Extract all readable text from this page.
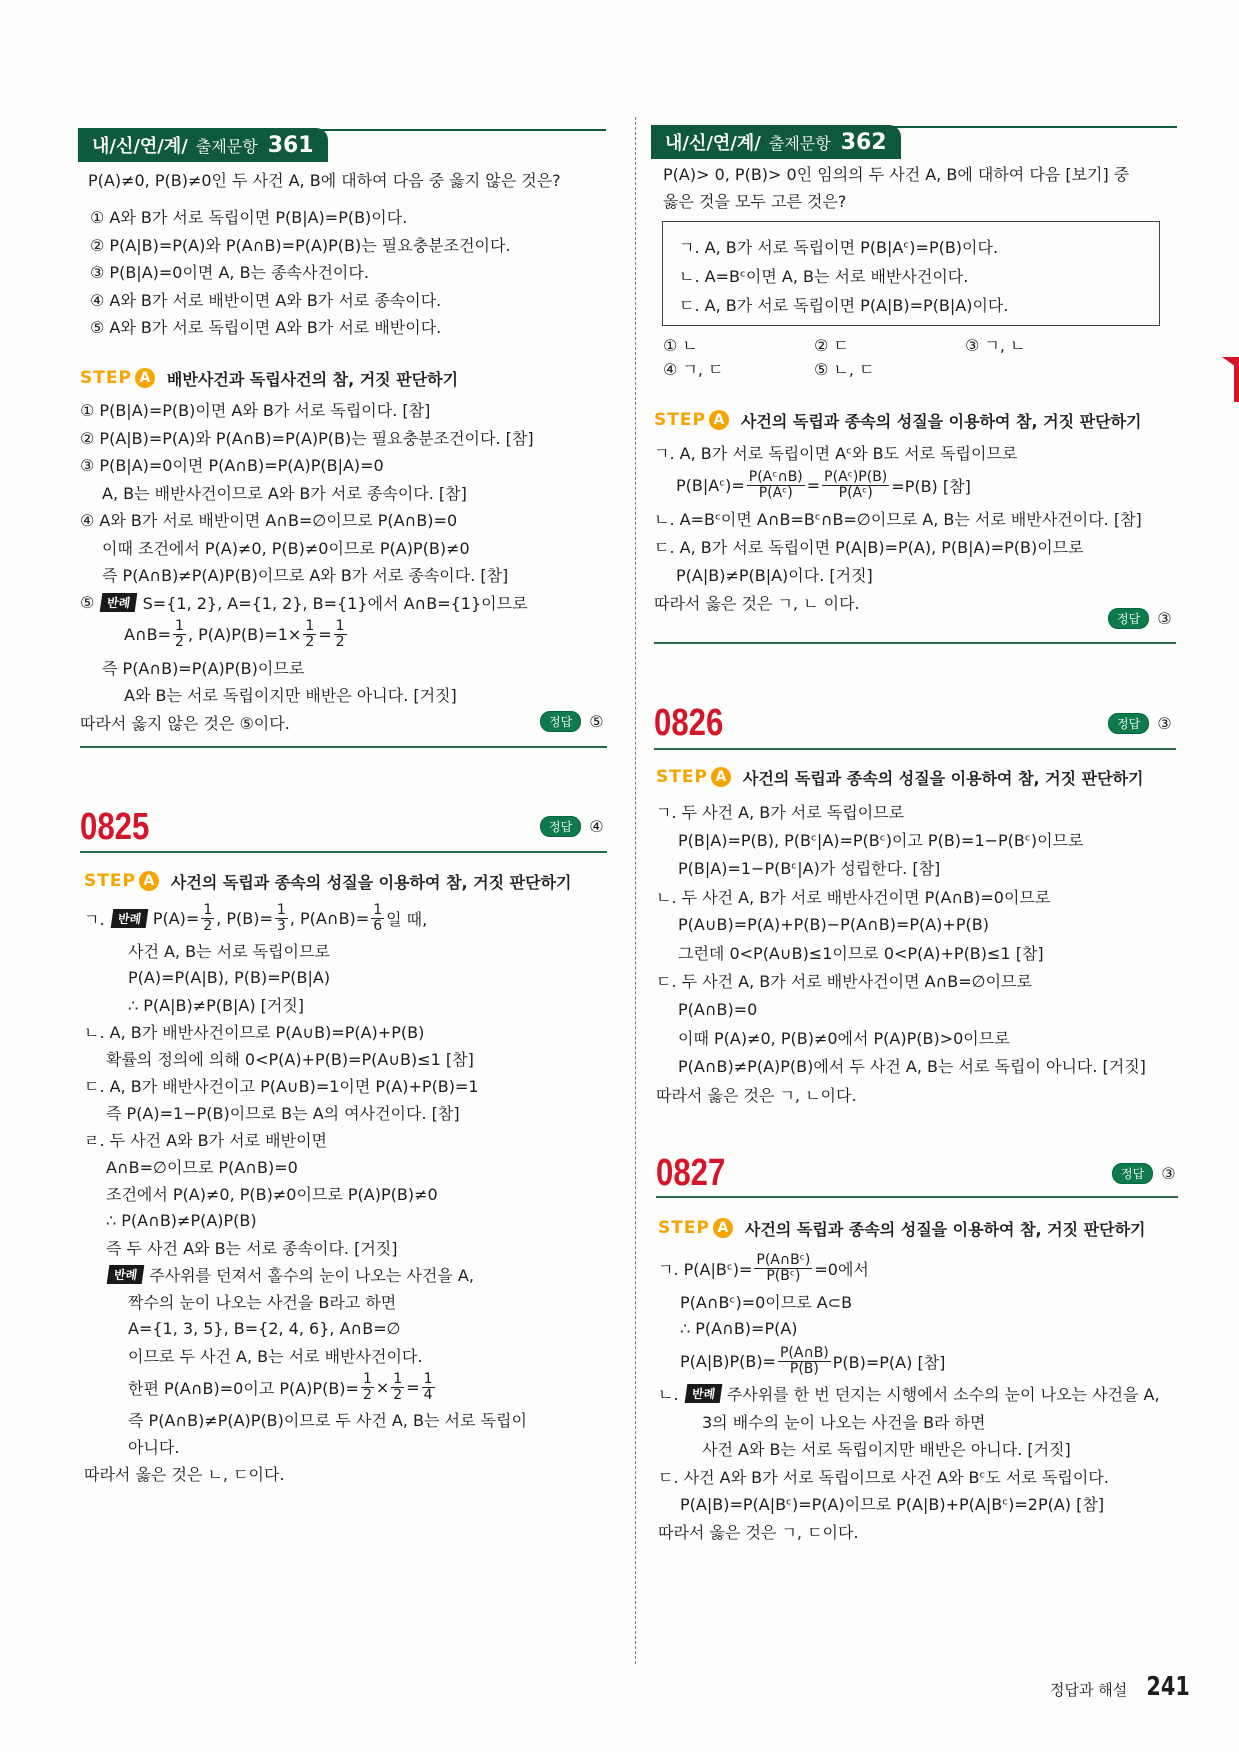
내/신/연/계/ 출제문항 361
P(A)≠0, P(B)≠0인 두 사건 A, B에 대하여 다음 중 옳지 않은 것은?
① A와 B가 서로 독립이면 P(B|A)=P(B)이다.
② P(A|B)=P(A)와 P(A∩B)=P(A)P(B)는 필요충분조건이다.
③ P(B|A)=0이면 A, B는 종속사건이다.
④ A와 B가 서로 배반이면 A와 B가 서로 종속이다.
⑤ A와 B가 서로 독립이면 A와 B가 서로 배반이다.
STEP A 배반사건과 독립사건의 참, 거짓 판단하기
① P(B|A)=P(B)이면 A와 B가 서로 독립이다. [참]
② P(A|B)=P(A)와 P(A∩B)=P(A)P(B)는 필요충분조건이다. [참]
③ P(B|A)=0이면 P(A∩B)=P(A)P(B|A)=0
A, B는 배반사건이므로 A와 B가 서로 종속이다. [참]
④ A와 B가 서로 배반이면 A∩B=∅이므로 P(A∩B)=0
이때 조건에서 P(A)≠0, P(B)≠0이므로 P(A)P(B)≠0
즉 P(A∩B)≠P(A)P(B)이므로 A와 B가 서로 종속이다. [참]
⑤ 반례 S={1, 2}, A={1, 2}, B={1}에서 A∩B={1}이므로
A∩B= $\frac{1}{2}$ , $P(A)P(B)=1\times \frac{1}{2} = \frac{1}{2}$
즉 P(A∩B)=P(A)P(B)이므로
A와 B는 서로 독립이지만 배반은 아니다. [거짓]
따라서 옳지 않은 것은 ⑤이다.	정답	⑤
0825	정답	④
STEP A 사건의 독립과 종속의 성질을 이용하여 참, 거짓 판단하기
ㄱ. 반례 $P(A)= \frac{1}{2}$ , $P(B)= \frac{1}{3}$ , P(A∩B)= $\frac{1}{6}$ 일 때,
사건 A, B는 서로 독립이므로
P(A)=P(A|B), P(B)=P(B|A)
∴ P(A|B)≠P(B|A) [거짓]
ㄴ. A, B가 배반사건이므로 P(A∪B)=P(A)+P(B)
확률의 정의에 의해 0<P(A)+P(B)=P(A∪B)≤1 [참]
ㄷ. A, B가 배반사건이고 P(A∪B)=1이면 P(A)+P(B)=1
즉 P(A)=1−P(B)이므로 B는 A의 여사건이다. [참]
ㄹ. 두 사건 A와 B가 서로 배반이면
A∩B=∅이므로 P(A∩B)=0
조건에서 P(A)≠0, P(B)≠0이므로 P(A)P(B)≠0
∴ P(A∩B)≠P(A)P(B)
즉 두 사건 A와 B는 서로 종속이다. [거짓]
반례 주사위를 던져서 홀수의 눈이 나오는 사건을 A,
짝수의 눈이 나오는 사건을 B라고 하면
A={1, 3, 5}, B={2, 4, 6}, A∩B=∅
이므로 두 사건 A, B는 서로 배반사건이다.
한편 P(A∩B)=0이고 $P(A)P(B)= \frac{1}{2} \times \frac{1}{2} = \frac{1}{4}$
즉 P(A∩B)≠P(A)P(B)이므로 두 사건 A, B는 서로 독립이
아니다.
따라서 옳은 것은 ㄴ, ㄷ이다.
내/신/연/계/ 출제문항 362
P(A)> 0, P(B)> 0인 임의의 두 사건 A, B에 대하여 다음 [보기] 중
옳은 것을 모두 고른 것은?
ㄱ. A, B가 서로 독립이면 P(B|Aᶜ)=P(B)이다.
ㄴ. A=Bᶜ이면 A, B는 서로 배반사건이다.
ㄷ. A, B가 서로 독립이면 P(A|B)=P(B|A)이다.
① ㄴ	② ㄷ	③ ㄱ, ㄴ
④ ㄱ, ㄷ	⑤ ㄴ, ㄷ
STEP A 사건의 독립과 종속의 성질을 이용하여 참, 거짓 판단하기
ㄱ. A, B가 서로 독립이면 Aᶜ와 B도 서로 독립이므로
P(B|Aᶜ)= $\frac{\text{P(Aᶜ∩B)}}{\text{P(Aᶜ)}} = \frac{\text{P(Aᶜ)P(B)}}{\text{P(Aᶜ)}} =P(B)$ [참]
ㄴ. A=Bᶜ이면 A∩B=Bᶜ∩B=∅이므로 A, B는 서로 배반사건이다. [참]
ㄷ. A, B가 서로 독립이면 P(A|B)=P(A), P(B|A)=P(B)이므로
P(A|B)≠P(B|A)이다. [거짓]
따라서 옳은 것은 ㄱ, ㄴ 이다.
정답	③
0826	정답	③
STEP A 사건의 독립과 종속의 성질을 이용하여 참, 거짓 판단하기
ㄱ. 두 사건 A, B가 서로 독립이므로
P(B|A)=P(B), P(Bᶜ|A)=P(Bᶜ)이고 P(B)=1−P(Bᶜ)이므로
P(B|A)=1−P(Bᶜ|A)가 성립한다. [참]
ㄴ. 두 사건 A, B가 서로 배반사건이면 P(A∩B)=0이므로
P(A∪B)=P(A)+P(B)−P(A∩B)=P(A)+P(B)
그런데 0<P(A∪B)≤1이므로 0<P(A)+P(B)≤1 [참]
ㄷ. 두 사건 A, B가 서로 배반사건이면 A∩B=∅이므로
P(A∩B)=0
이때 P(A)≠0, P(B)≠0에서 P(A)P(B)>0이므로
P(A∩B)≠P(A)P(B)에서 두 사건 A, B는 서로 독립이 아니다. [거짓]
따라서 옳은 것은 ㄱ, ㄴ이다.
0827	정답	③
STEP A 사건의 독립과 종속의 성질을 이용하여 참, 거짓 판단하기
ㄱ. P(A|Bᶜ)= $\frac{\text{P(A∩Bᶜ)}}{\text{P(Bᶜ)}} =0$에서
P(A∩Bᶜ)=0이므로 A⊂B
∴ P(A∩B)=P(A)
$P(A|B)P(B)= \frac{P(A\cap B)}{P(B)} P(B)=P(A)$ [참]
ㄴ. 반례 주사위를 한 번 던지는 시행에서 소수의 눈이 나오는 사건을 A,
3의 배수의 눈이 나오는 사건을 B라 하면
사건 A와 B는 서로 독립이지만 배반은 아니다. [거짓]
ㄷ. 사건 A와 B가 서로 독립이므로 사건 A와 Bᶜ도 서로 독립이다.
P(A|B)=P(A|Bᶜ)=P(A)이므로 P(A|B)+P(A|Bᶜ)=2P(A) [참]
따라서 옳은 것은 ㄱ, ㄷ이다.
정답과 해설 241
